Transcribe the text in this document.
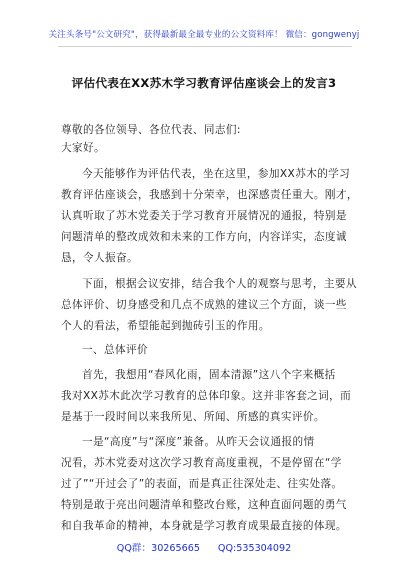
关注头条号"公文研究"，获得最新最全最专业的公文资料库！ 微信：gongwenyj
评估代表在XX苏木学习教育评估座谈会上的发言3
尊敬的各位领导、各位代表、同志们:
大家好。
今天能够作为评估代表，坐在这里，参加XX苏木的学习
教育评估座谈会，我感到十分荣幸，也深感责任重大。刚才，
认真听取了苏木党委关于学习教育开展情况的通报，特别是
问题清单的整改成效和未来的工作方向，内容详实，态度诚
恳，令人振奋。
下面，根据会议安排，结合我个人的观察与思考，主要从
总体评价、切身感受和几点不成熟的建议三个方面，谈一些
个人的看法，希望能起到抛砖引玉的作用。
一、总体评价
首先，我想用“春风化雨，固本清源”这八个字来概括
我对XX苏木此次学习教育的总体印象。这并非客套之词，而
是基于一段时间以来我所见、所闻、所感的真实评价。
一是“高度”与“深度”兼备。从昨天会议通报的情
况看，苏木党委对这次学习教育高度重视，不是停留在“学
过了”“开过会了”的表面，而是真正往深处走、往实处落。
特别是敢于亮出问题清单和整改台账，这种直面问题的勇气
和自我革命的精神，本身就是学习教育成果最直接的体现。
QQ群：30265665 QQ:535304092
